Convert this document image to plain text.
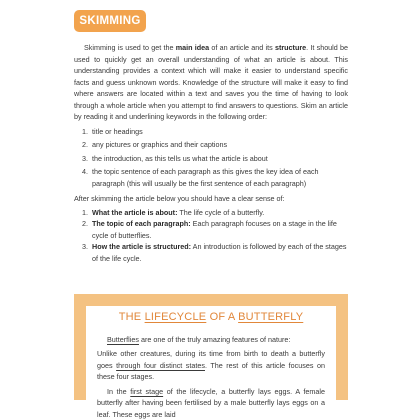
SKIMMING

Skimming is used to get the main idea of an article and its structure. It should be used to quickly get an overall understanding of what an article is about. This understanding provides a context which will make it easier to understand specific facts and guess unknown words. Knowledge of the structure will make it easy to find where answers are located within a text and saves you the time of having to look through a whole article when you attempt to find answers to questions. Skim an article by reading it and underlining keywords in the following order:

1. title or headings
2. any pictures or graphics and their captions
3. the introduction, as this tells us what the article is about
4. the topic sentence of each paragraph as this gives the key idea of each paragraph (this will usually be the first sentence of each paragraph)

After skimming the article below you should have a clear sense of:

1. What the article is about: The life cycle of a butterfly.
2. The topic of each paragraph: Each paragraph focuses on a stage in the life cycle of butterflies.
3. How the article is structured: An introduction is followed by each of the stages of the life cycle.
THE LIFECYCLE OF A BUTTERFLY

Butterflies are one of the truly amazing features of nature:

Unlike other creatures, during its time from birth to death a butterfly goes through four distinct states. The rest of this article focuses on these four stages.

In the first stage of the lifecycle, a butterfly lays eggs. A female butterfly after having been fertilised by a male butterfly lays eggs on a leaf. These eggs are laid
